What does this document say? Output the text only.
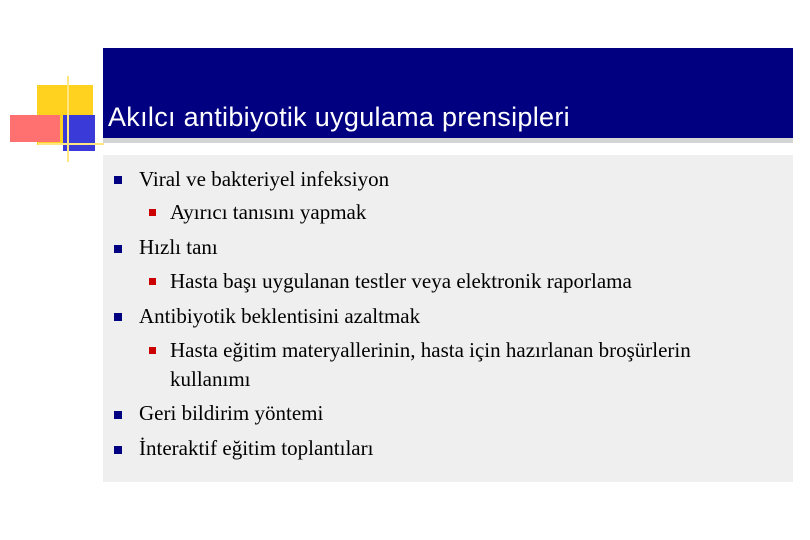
Akılcı antibiyotik uygulama prensipleri
Viral ve bakteriyel infeksiyon
Ayırıcı tanısını yapmak
Hızlı tanı
Hasta başı uygulanan testler veya elektronik raporlama
Antibiyotik beklentisini azaltmak
Hasta eğitim materyallerinin, hasta için hazırlanan broşürlerin
kullanımı
Geri bildirim yöntemi
İnteraktif eğitim toplantıları
